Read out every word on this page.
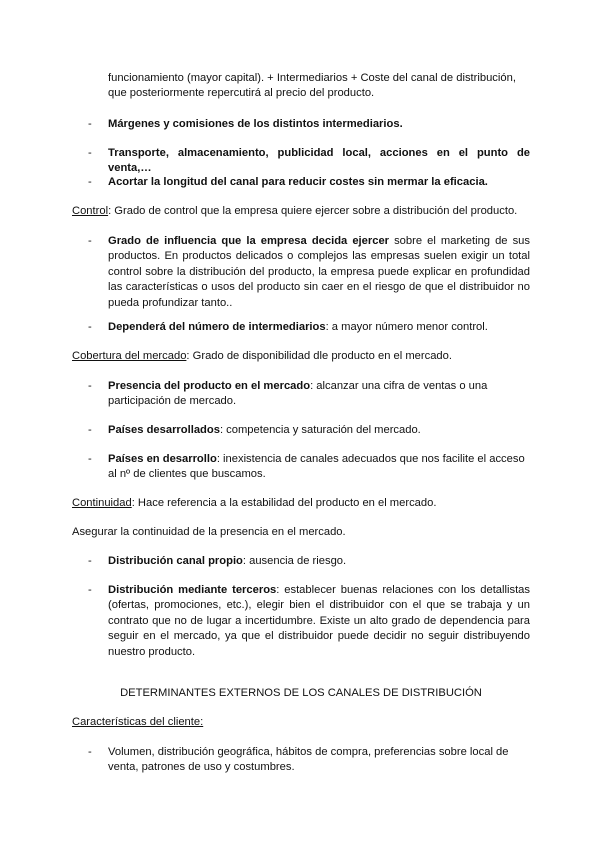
funcionamiento (mayor capital). + Intermediarios + Coste del canal de distribución, que posteriormente repercutirá al precio del producto.
-	Márgenes y comisiones de los distintos intermediarios.
-	Transporte, almacenamiento, publicidad local, acciones en el punto de venta,…
-	Acortar la longitud del canal para reducir costes sin mermar la eficacia.
Control: Grado de control que la empresa quiere ejercer sobre a distribución del producto.
-	Grado de influencia que la empresa decida ejercer sobre el marketing de sus productos. En productos delicados o complejos las empresas suelen exigir un total control sobre la distribución del producto, la empresa puede explicar en profundidad las características o usos del producto sin caer en el riesgo de que el distribuidor no pueda profundizar tanto..
-	Dependerá del número de intermediarios: a mayor número menor control.
Cobertura del mercado: Grado de disponibilidad dle producto en el mercado.
-	Presencia del producto en el mercado: alcanzar una cifra de ventas o una participación de mercado.
-	Países desarrollados: competencia y saturación del mercado.
-	Países en desarrollo: inexistencia de canales adecuados que nos facilite el acceso al nº de clientes que buscamos.
Continuidad: Hace referencia a la estabilidad del producto en el mercado.
Asegurar la continuidad de la presencia en el mercado.
-	Distribución canal propio: ausencia de riesgo.
-	Distribución mediante terceros: establecer buenas relaciones con los detallistas (ofertas, promociones, etc.), elegir bien el distribuidor con el que se trabaja y un contrato que no de lugar a incertidumbre. Existe un alto grado de dependencia para seguir en el mercado, ya que el distribuidor puede decidir no seguir distribuyendo nuestro producto.
DETERMINANTES EXTERNOS DE LOS CANALES DE DISTRIBUCIÓN
Características del cliente:
-	Volumen, distribución geográfica, hábitos de compra, preferencias sobre local de venta, patrones de uso y costumbres.
